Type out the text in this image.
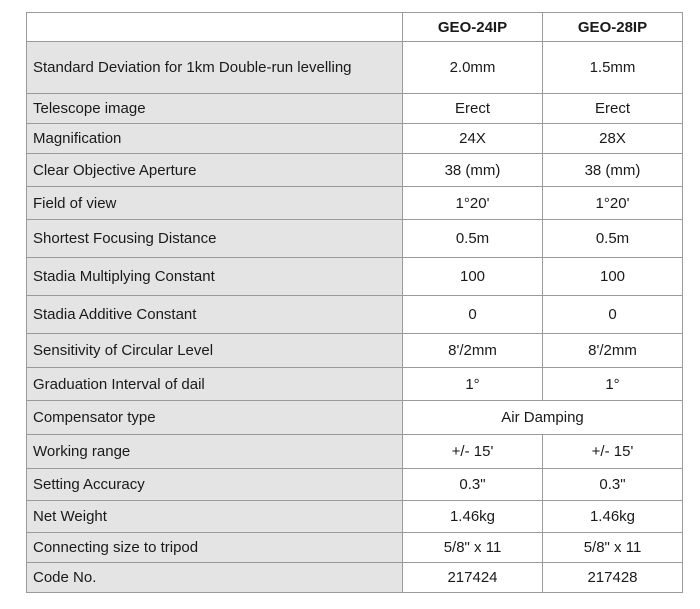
	GEO-24IP	GEO-28IP
Standard Deviation for 1km Double-run levelling	2.0mm	1.5mm
Telescope image	Erect	Erect
Magnification	24X	28X
Clear Objective Aperture	38 (mm)	38 (mm)
Field of view	1°20'	1°20'
Shortest Focusing Distance	0.5m	0.5m
Stadia Multiplying Constant	100	100
Stadia Additive Constant	0	0
Sensitivity of Circular Level	8'/2mm	8'/2mm
Graduation Interval of dail	1°	1°
Compensator type	Air Damping	
Working range	+/- 15'	+/- 15'
Setting Accuracy	0.3"	0.3"
Net Weight	1.46kg	1.46kg
Connecting size to tripod	5/8" x 11	5/8" x 11
Code No.	217424	217428
